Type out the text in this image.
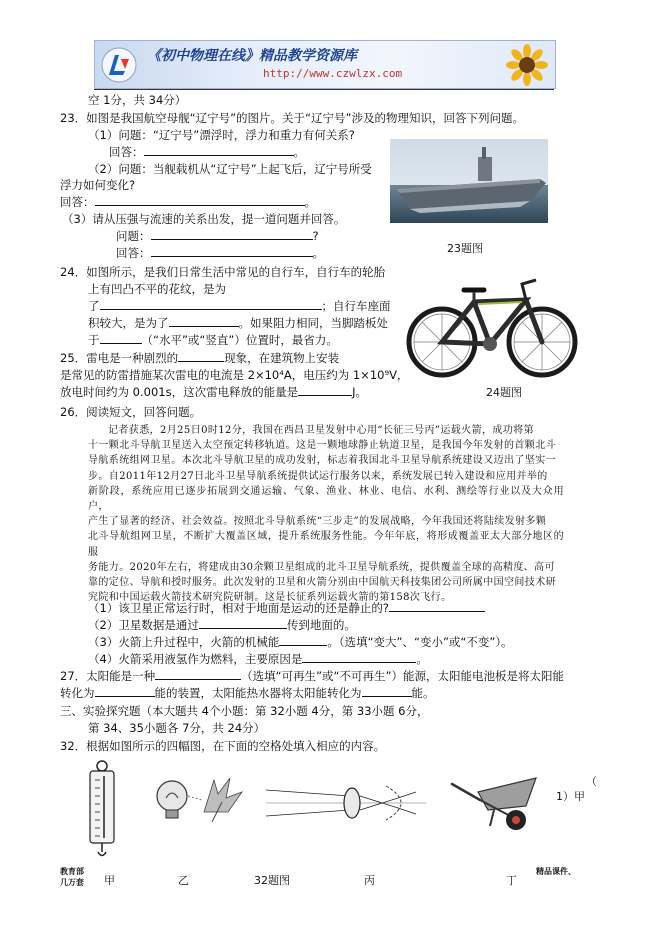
《初中物理在线》精品教学资源库
http://www.czwlzx.com
空 1分，共 34分）
23．如图是我国航空母舰“辽宁号”的图片。关于“辽宁号”涉及的物理知识，回答下列问题。
（1）问题：“辽宁号”漂浮时，浮力和重力有何关系?
回答：	。
（2）问题：当舰载机从“辽宁号”上起飞后，辽宁号所受
浮力如何变化?
回答：	。
（3）请从压强与流速的关系出发，提一道问题并回答。
问题：	?
回答：	。	23题图
24．如图所示，是我们日常生活中常见的自行车，自行车的轮胎
上有凹凸不平的花纹，是为
了	；自行车座面
积较大，是为了	。如果阻力相同，当脚踏板处
于	（“水平”或“竖直”）位置时，最省力。
24题图
25．雷电是一种剧烈的	现象，在建筑物上安装
是常见的防雷措施某次雷电的电流是 2×10⁴A，电压约为 1×10⁹V，
放电时间约为 0.001s，这次雷电释放的能量是	J。
26．阅读短文，回答问题。
记者获悉，2月25日0时12分，我国在西昌卫星发射中心用“长征三号丙”运载火箭，成功将第
十一颗北斗导航卫星送入太空预定转移轨道。这是一颗地球静止轨道卫星，是我国今年发射的首颗北斗
导航系统组网卫星。本次北斗导航卫星的成功发射，标志着我国北斗卫星导航系统建设又迈出了坚实一
步。自2011年12月27日北斗卫星导航系统提供试运行服务以来，系统发展已转入建设和应用并举的
新阶段，系统应用已逐步拓展到交通运输、气象、渔业、林业、电信、水利、测绘等行业以及大众用户，
产生了显著的经济、社会效益。按照北斗导航系统“三步走”的发展战略，今年我国还将陆续发射多颗
北斗导航组网卫星，不断扩大覆盖区域，提升系统服务性能。今年年底，将形成覆盖亚太大部分地区的服
务能力。2020年左右，将建成由30余颗卫星组成的北斗卫星导航系统，提供覆盖全球的高精度、高可
靠的定位、导航和授时服务。此次发射的卫星和火箭分别由中国航天科技集团公司所属中国空间技术研
究院和中国运载火箭技术研究院研制。这是长征系列运载火箭的第158次飞行。
（1）该卫星正常运行时，相对于地面是运动的还是静止的?
（2）卫星数据是通过	传到地面的。
（3）火箭上升过程中，火箭的机械能	。（选填“变大”、“变小”或“不变”）。
（4）火箭采用液氢作为燃料，主要原因是	。
27．太阳能是一种	（选填“可再生”或“不可再生”）能源，太阳能电池板是将太阳能
转化为	能的装置，太阳能热水器将太阳能转化为	能。
三、实验探究题（本大题共 4个小题：第 32小题 4分，第 33小题 6分，
第 34、35小题各 7分，共 24分）
32．根据如图所示的四幅图，在下面的空格处填入相应的内容。
（
1）甲
甲	乙	32题图	丙	丁
教育部
几万套
精品课件、
